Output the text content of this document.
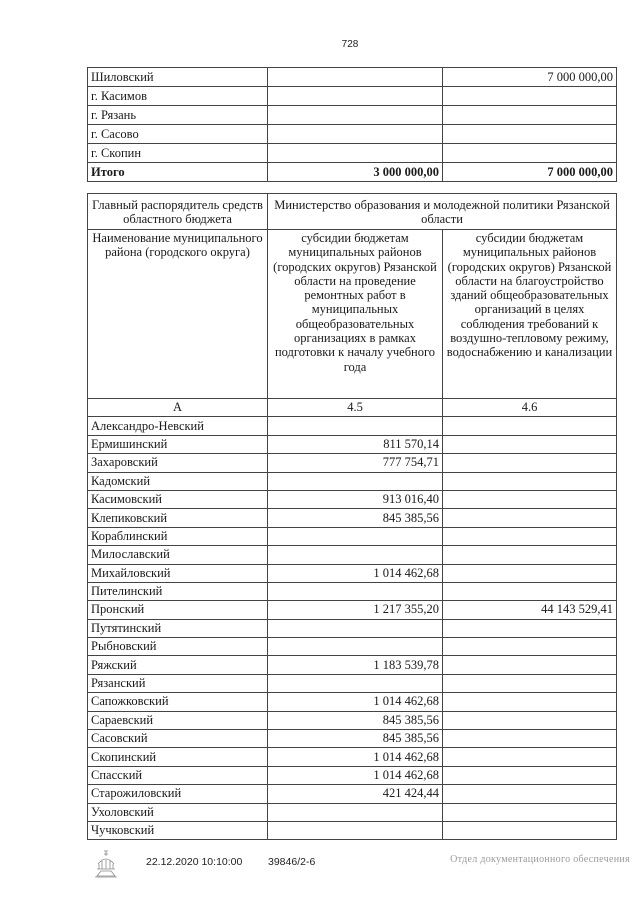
728
Шиловский		7 000 000,00
г. Касимов		
г. Рязань		
г. Сасово		
г. Скопин		
Итого	3 000 000,00	7 000 000,00
Главный распорядитель средств областного бюджета	Министерство образования и молодежной политики Рязанской области	
Наименование муниципального района (городского округа)	субсидии бюджетам муниципальных районов (городских округов) Рязанской области на проведение ремонтных работ в муниципальных общеобразовательных организациях в рамках подготовки к началу учебного года	субсидии бюджетам муниципальных районов (городских округов) Рязанской области на благоустройство зданий общеобразовательных организаций в целях соблюдения требований к воздушно-тепловому режиму, водоснабжению и канализации
А	4.5	4.6
Александро-Невский		
Ермишинский	811 570,14	
Захаровский	777 754,71	
Кадомский		
Касимовский	913 016,40	
Клепиковский	845 385,56	
Кораблинский		
Милославский		
Михайловский	1 014 462,68	
Пителинский		
Пронский	1 217 355,20	44 143 529,41
Путятинский		
Рыбновский		
Ряжский	1 183 539,78	
Рязанский		
Сапожковский	1 014 462,68	
Сараевский	845 385,56	
Сасовский	845 385,56	
Скопинский	1 014 462,68	
Спасский	1 014 462,68	
Старожиловский	421 424,44	
Ухоловский		
Чучковский		
22.12.2020 10:10:00 39846/2-6	Отдел документационного обеспечения
